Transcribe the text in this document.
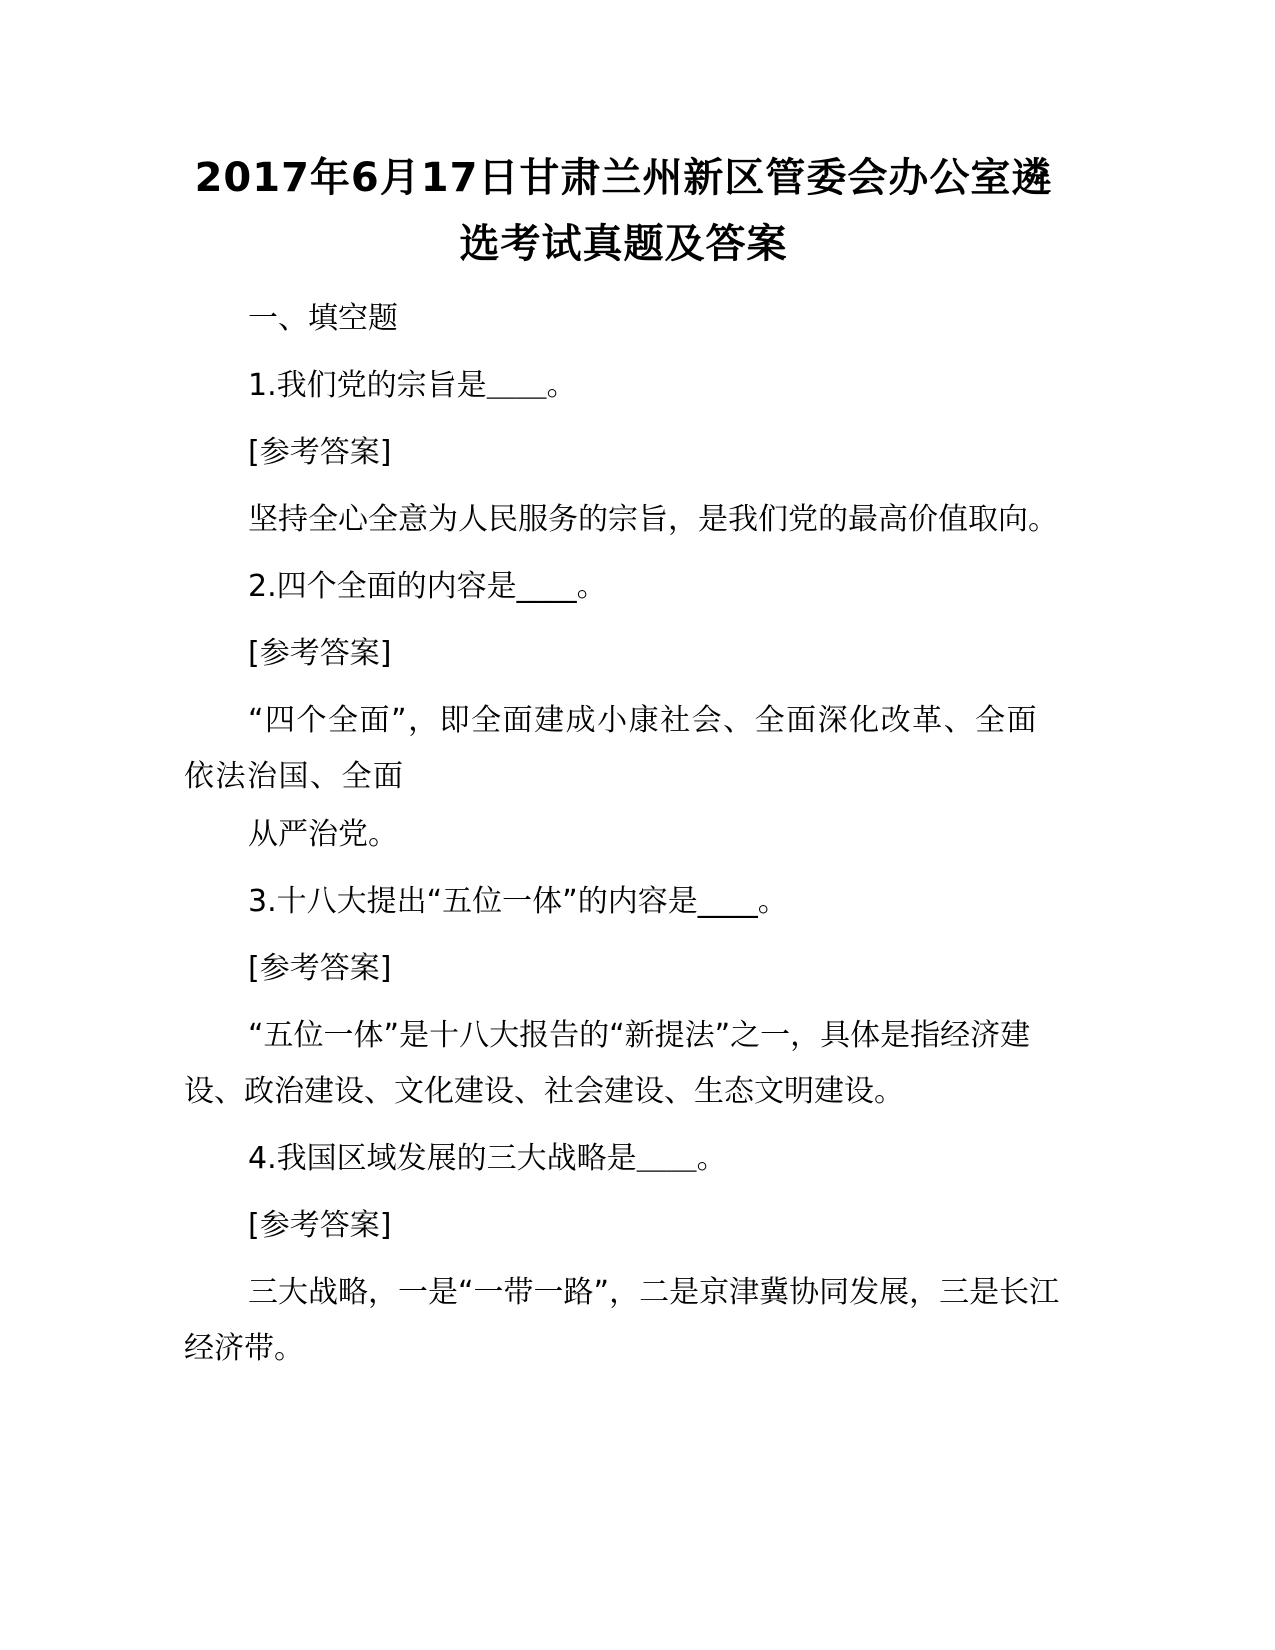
2017年6月17日甘肃兰州新区管委会办公室遴选考试真题及答案

一、填空题

1.我们党的宗旨是＿＿。

[参考答案]

坚持全心全意为人民服务的宗旨，是我们党的最高价值取向。

2.四个全面的内容是____。

[参考答案]

“四个全面”，即全面建成小康社会、全面深化改革、全面依法治国、全面

从严治党。

3.十八大提出“五位一体”的内容是____。

[参考答案]

“五位一体”是十八大报告的“新提法”之一，具体是指经济建设、政治建设、文化建设、社会建设、生态文明建设。

4.我国区域发展的三大战略是＿＿。

[参考答案]

三大战略，一是“一带一路”，二是京津冀协同发展，三是长江经济带。
